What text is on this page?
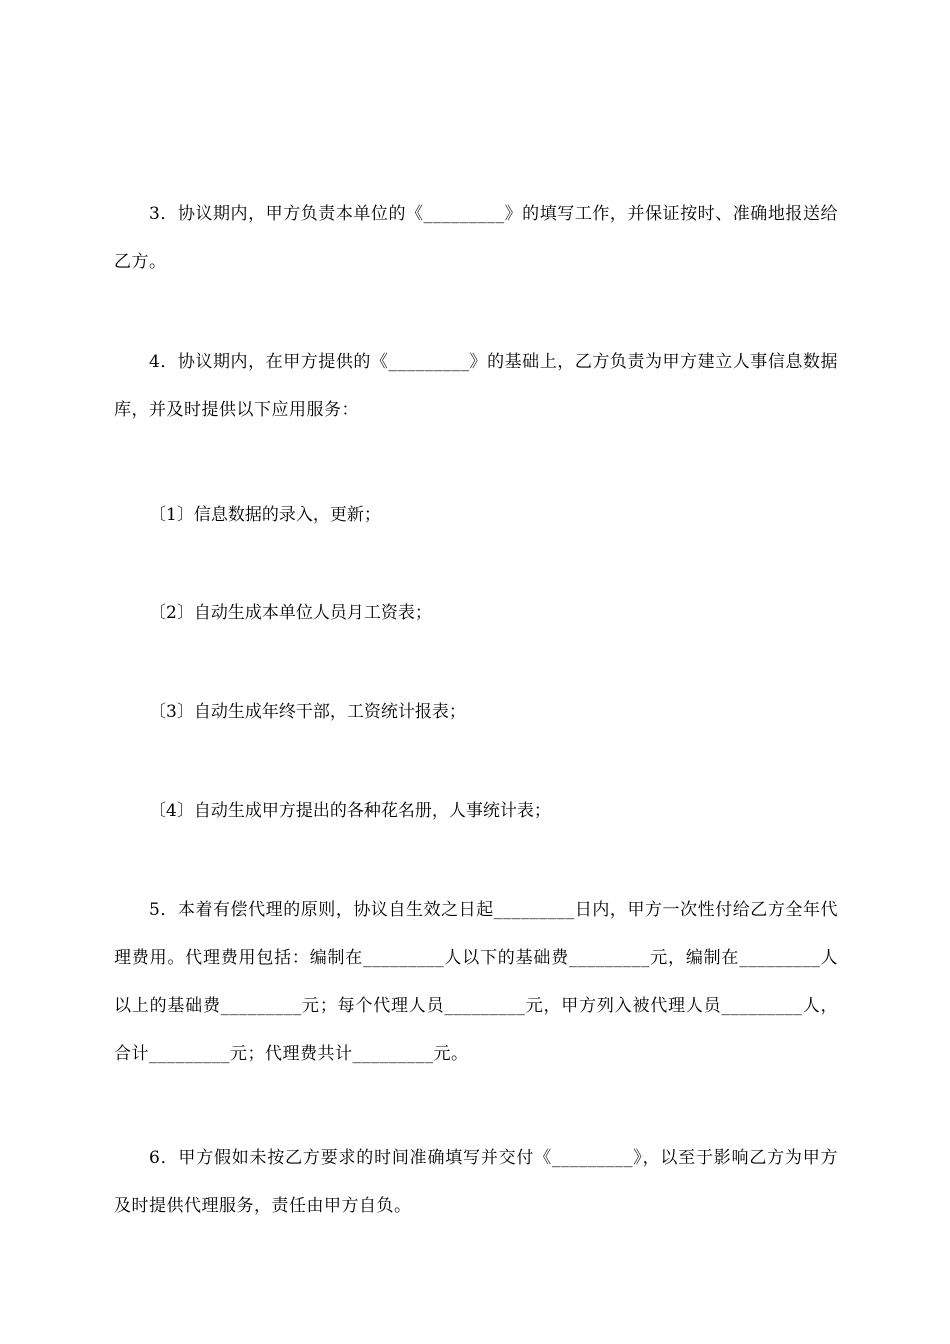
3．协议期内，甲方负责本单位的《_________》的填写工作，并保证按时、准确地报送给乙方。

4．协议期内，在甲方提供的《_________》的基础上，乙方负责为甲方建立人事信息数据库，并及时提供以下应用服务：

〔1〕信息数据的录入，更新；

〔2〕自动生成本单位人员月工资表；

〔3〕自动生成年终干部，工资统计报表；

〔4〕自动生成甲方提出的各种花名册，人事统计表；

5．本着有偿代理的原则，协议自生效之日起_________日内，甲方一次性付给乙方全年代理费用。代理费用包括：编制在_________人以下的基础费_________元，编制在_________人以上的基础费_________元；每个代理人员_________元，甲方列入被代理人员_________人，合计_________元；代理费共计_________元。

6．甲方假如未按乙方要求的时间准确填写并交付《_________》，以至于影响乙方为甲方及时提供代理服务，责任由甲方自负。
